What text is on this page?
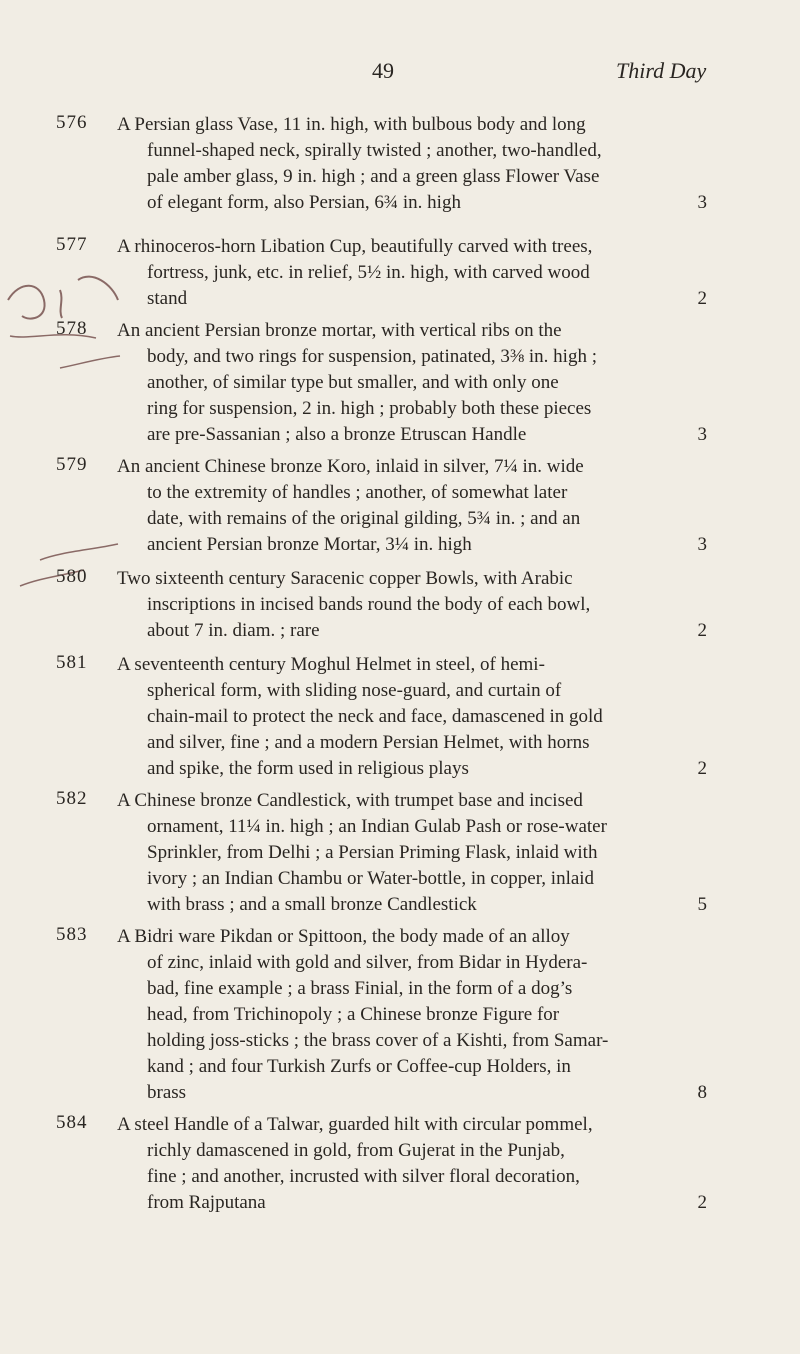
49	Third Day
576 A Persian glass Vase, 11 in. high, with bulbous body and long
funnel-shaped neck, spirally twisted ; another, two-handled,
pale amber glass, 9 in. high ; and a green glass Flower Vase
of elegant form, also Persian, 6¾ in. high	3
577 A rhinoceros-horn Libation Cup, beautifully carved with trees,
fortress, junk, etc. in relief, 5½ in. high, with carved wood
stand	2
578 An ancient Persian bronze mortar, with vertical ribs on the
body, and two rings for suspension, patinated, 3⅜ in. high ;
another, of similar type but smaller, and with only one
ring for suspension, 2 in. high ; probably both these pieces
are pre-Sassanian ; also a bronze Etruscan Handle	3
579 An ancient Chinese bronze Koro, inlaid in silver, 7¼ in. wide
to the extremity of handles ; another, of somewhat later
date, with remains of the original gilding, 5¾ in. ; and an
ancient Persian bronze Mortar, 3¼ in. high	3
580 Two sixteenth century Saracenic copper Bowls, with Arabic
inscriptions in incised bands round the body of each bowl,
about 7 in. diam. ; rare	2
581 A seventeenth century Moghul Helmet in steel, of hemi-
spherical form, with sliding nose-guard, and curtain of
chain-mail to protect the neck and face, damascened in gold
and silver, fine ; and a modern Persian Helmet, with horns
and spike, the form used in religious plays	2
582 A Chinese bronze Candlestick, with trumpet base and incised
ornament, 11¼ in. high ; an Indian Gulab Pash or rose-water
Sprinkler, from Delhi ; a Persian Priming Flask, inlaid with
ivory ; an Indian Chambu or Water-bottle, in copper, inlaid
with brass ; and a small bronze Candlestick	5
583 A Bidri ware Pikdan or Spittoon, the body made of an alloy
of zinc, inlaid with gold and silver, from Bidar in Hydera-
bad, fine example ; a brass Finial, in the form of a dog’s
head, from Trichinopoly ; a Chinese bronze Figure for
holding joss-sticks ; the brass cover of a Kishti, from Samar-
kand ; and four Turkish Zurfs or Coffee-cup Holders, in
brass	8
584 A steel Handle of a Talwar, guarded hilt with circular pommel,
richly damascened in gold, from Gujerat in the Punjab,
fine ; and another, incrusted with silver floral decoration,
from Rajputana	2
